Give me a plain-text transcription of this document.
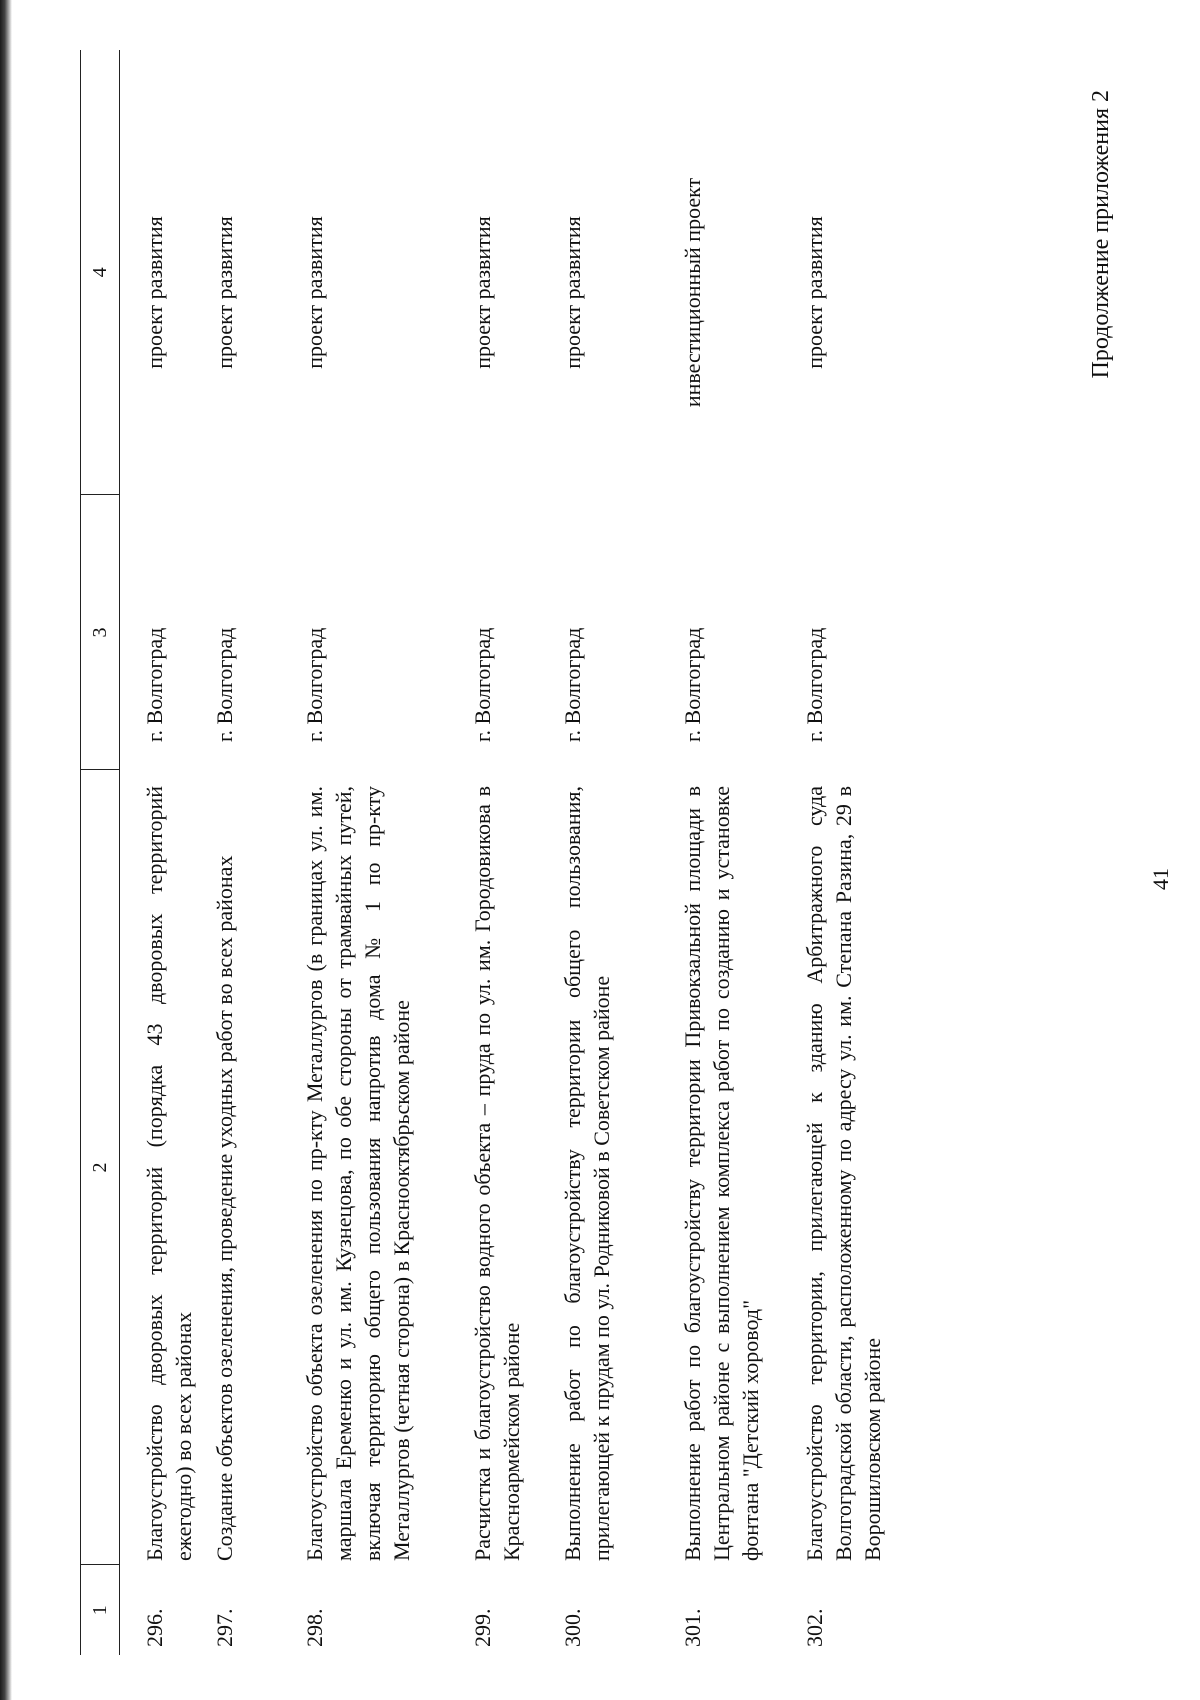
41
Продолжение приложения 2
1	2	3	4
296.	Благоустройство дворовых территорий (порядка 43 дворовых территорий ежегодно) во всех районах	г. Волгоград	проект развития
297.	Создание объектов озеленения, проведение уходных работ во всех районах	г. Волгоград	проект развития
298.	Благоустройство объекта озеленения по пр-кту Металлургов (в границах ул. им. маршала Еременко и ул. им. Кузнецова, по обе стороны от трамвайных путей, включая территорию общего пользования напротив дома № 1 по пр-кту Металлургов (четная сторона) в Краснооктябрьском районе	г. Волгоград	проект развития
299.	Расчистка и благоустройство водного объекта – пруда по ул. им. Городовикова в Красноармейском районе	г. Волгоград	проект развития
300.	Выполнение работ по благоустройству территории общего пользования, прилегающей к прудам по ул. Родниковой в Советском районе	г. Волгоград	проект развития
301.	Выполнение работ по благоустройству территории Привокзальной площади в Центральном районе с выполнением комплекса работ по созданию и установке фонтана "Детский хоровод"	г. Волгоград	инвестиционный проект
302.	Благоустройство территории, прилегающей к зданию Арбитражного суда Волгоградской области, расположенному по адресу ул. им. Степана Разина, 29 в Ворошиловском районе	г. Волгоград	проект развития
